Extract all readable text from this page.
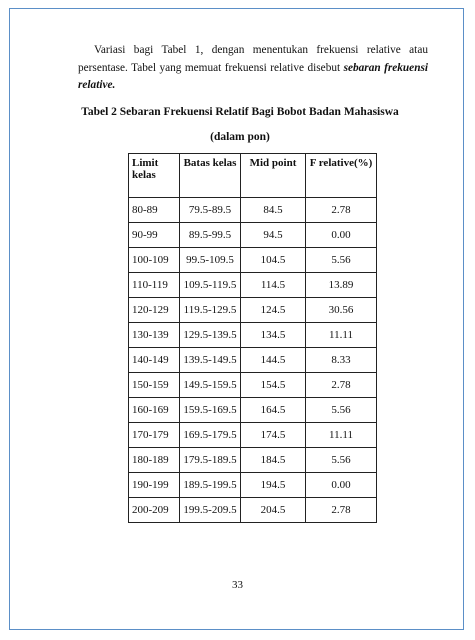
Variasi bagi Tabel 1, dengan menentukan frekuensi relative atau persentase. Tabel yang memuat frekuensi relative disebut sebaran frekuensi relative.
Tabel 2 Sebaran Frekuensi Relatif Bagi Bobot Badan Mahasiswa
(dalam pon)
Limit kelas	Batas kelas	Mid point	F relative(%)
80-89	79.5-89.5	84.5	2.78
90-99	89.5-99.5	94.5	0.00
100-109	99.5-109.5	104.5	5.56
110-119	109.5-119.5	114.5	13.89
120-129	119.5-129.5	124.5	30.56
130-139	129.5-139.5	134.5	11.11
140-149	139.5-149.5	144.5	8.33
150-159	149.5-159.5	154.5	2.78
160-169	159.5-169.5	164.5	5.56
170-179	169.5-179.5	174.5	11.11
180-189	179.5-189.5	184.5	5.56
190-199	189.5-199.5	194.5	0.00
200-209	199.5-209.5	204.5	2.78
33
